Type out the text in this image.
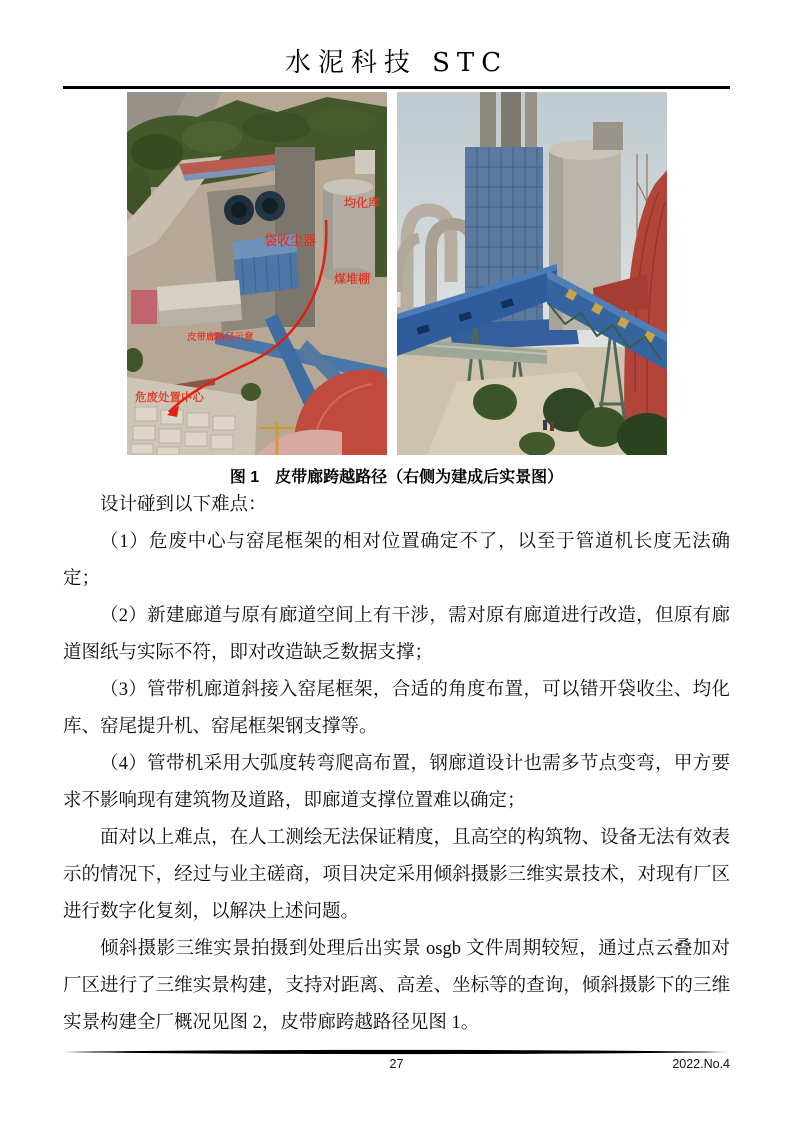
水泥科技 STC
均化库
袋收尘器
煤堆棚
皮带廊路径示意
危废处置中心
图 1　皮带廊跨越路径（右侧为建成后实景图）

设计碰到以下难点：

（1）危废中心与窑尾框架的相对位置确定不了，以至于管道机长度无法确定；

（2）新建廊道与原有廊道空间上有干涉，需对原有廊道进行改造，但原有廊道图纸与实际不符，即对改造缺乏数据支撑；

（3）管带机廊道斜接入窑尾框架，合适的角度布置，可以错开袋收尘、均化库、窑尾提升机、窑尾框架钢支撑等。

（4）管带机采用大弧度转弯爬高布置，钢廊道设计也需多节点变弯，甲方要求不影响现有建筑物及道路，即廊道支撑位置难以确定；

面对以上难点，在人工测绘无法保证精度，且高空的构筑物、设备无法有效表示的情况下，经过与业主磋商，项目决定采用倾斜摄影三维实景技术，对现有厂区进行数字化复刻，以解决上述问题。

倾斜摄影三维实景拍摄到处理后出实景 osgb 文件周期较短，通过点云叠加对厂区进行了三维实景构建，支持对距离、高差、坐标等的查询，倾斜摄影下的三维实景构建全厂概况见图 2，皮带廊跨越路径见图 1。

27	2022.No.4
